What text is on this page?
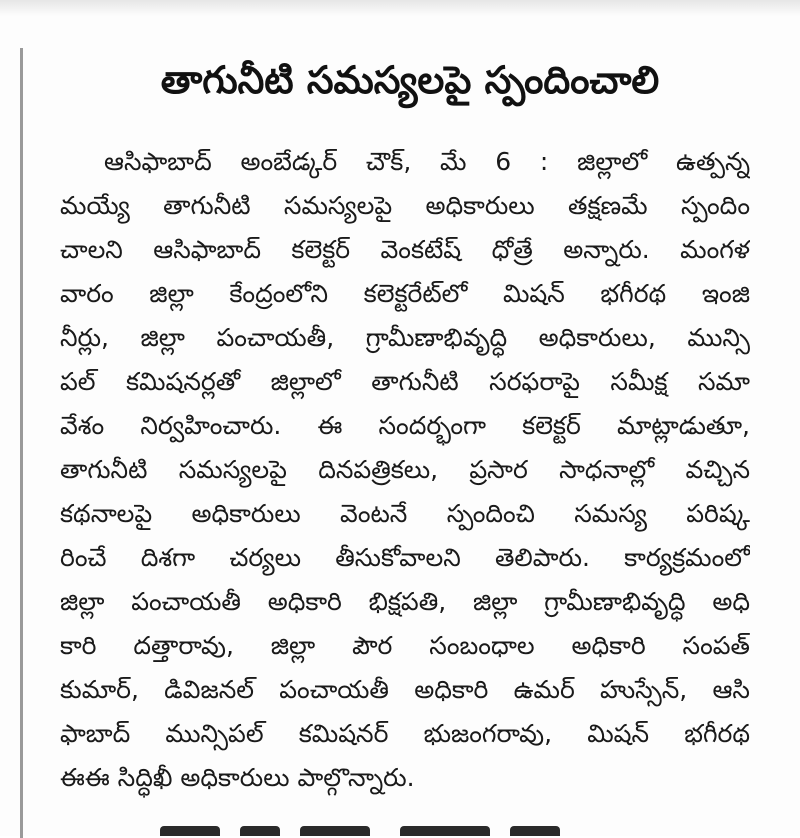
తాగునీటి సమస్యలపై స్పందించాలి
ఆసిఫాబాద్ అంబేడ్కర్ చౌక్, మే 6 : జిల్లాలో ఉత్పన్న
మయ్యే తాగునీటి సమస్యలపై అధికారులు తక్షణమే స్పందిం
చాలని ఆసిఫాబాద్ కలెక్టర్ వెంకటేష్ ధోత్రే అన్నారు. మంగళ
వారం జిల్లా కేంద్రంలోని కలెక్టరేట్‌లో మిషన్ భగీరథ ఇంజి
నీర్లు, జిల్లా పంచాయతీ, గ్రామీణాభివృద్ధి అధికారులు, మున్సి
పల్ కమిషనర్లతో జిల్లాలో తాగునీటి సరఫరాపై సమీక్ష సమా
వేశం నిర్వహించారు. ఈ సందర్భంగా కలెక్టర్ మాట్లాడుతూ,
తాగునీటి సమస్యలపై దినపత్రికలు, ప్రసార సాధనాల్లో వచ్చిన
కథనాలపై అధికారులు వెంటనే స్పందించి సమస్య పరిష్క
రించే దిశగా చర్యలు తీసుకోవాలని తెలిపారు. కార్యక్రమంలో
జిల్లా పంచాయతీ అధికారి భిక్షపతి, జిల్లా గ్రామీణాభివృద్ధి అధి
కారి దత్తారావు, జిల్లా పౌర సంబంధాల అధికారి సంపత్
కుమార్, డివిజనల్ పంచాయతీ అధికారి ఉమర్ హుస్సేన్, ఆసి
ఫాబాద్ మున్సిపల్ కమిషనర్ భుజంగరావు, మిషన్ భగీరథ
ఈఈ సిద్ధిఖీ అధికారులు పాల్గొన్నారు.
